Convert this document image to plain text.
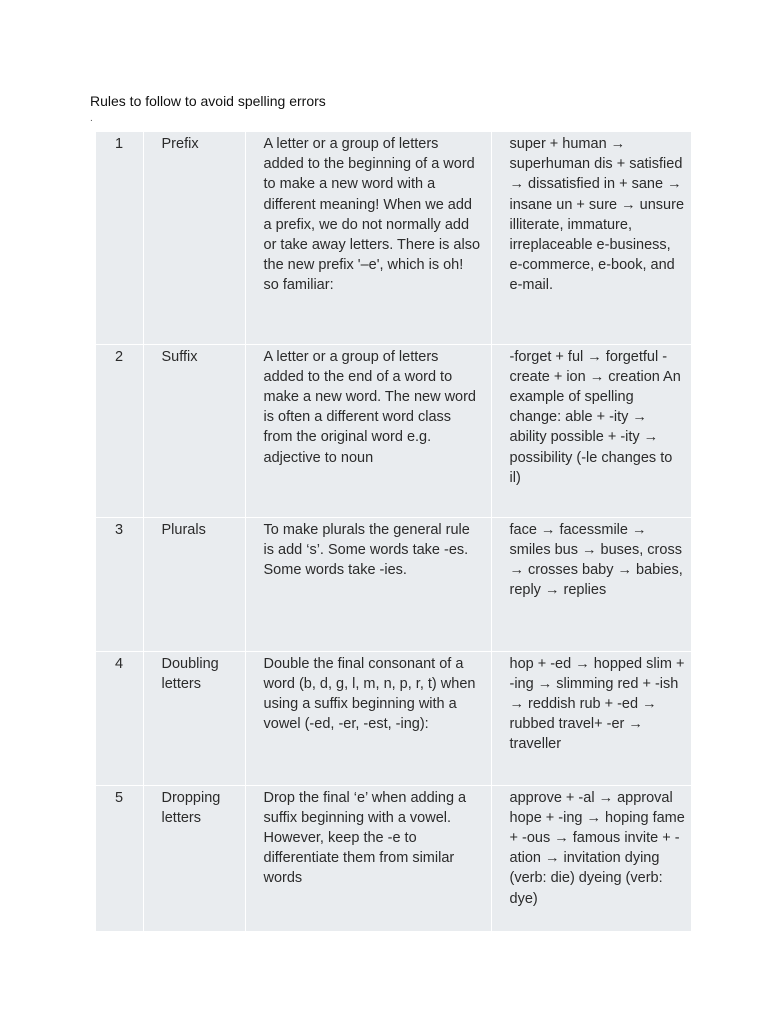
Rules to follow to avoid spelling errors
.
1	Prefix	A letter or a group of letters added to the beginning of a word to make a new word with a different meaning! When we add a prefix, we do not normally add or take away letters. There is also the new prefix '–e', which is oh! so familiar:	super + human → superhuman dis + satisfied → dissatisfied in + sane → insane un + sure → unsure illiterate, immature, irreplaceable e-business, e-commerce, e-book, and e-mail.

2	Suffix	A letter or a group of letters added to the end of a word to make a new word. The new word is often a different word class from the original word e.g. adjective to noun	-forget + ful → forgetful -create + ion → creation An example of spelling change: able + -ity → ability possible + -ity → possibility (-le changes to il)

3	Plurals	To make plurals the general rule is add ‘s’. Some words take -es. Some words take -ies.	face → facessmile → smiles bus → buses, cross → crosses baby → babies, reply → replies

4	Doubling letters	Double the final consonant of a word (b, d, g, l, m, n, p, r, t) when using a suffix beginning with a vowel (-ed, -er, -est, -ing):	hop + -ed → hopped slim + -ing → slimming red + -ish → reddish rub + -ed → rubbed travel+ -er → traveller

5	Dropping letters	Drop the final ‘e’ when adding a suffix beginning with a vowel. However, keep the -e to differentiate them from similar words	approve + -al → approval hope + -ing → hoping fame + -ous → famous invite + -ation → invitation dying (verb: die) dyeing (verb: dye)
